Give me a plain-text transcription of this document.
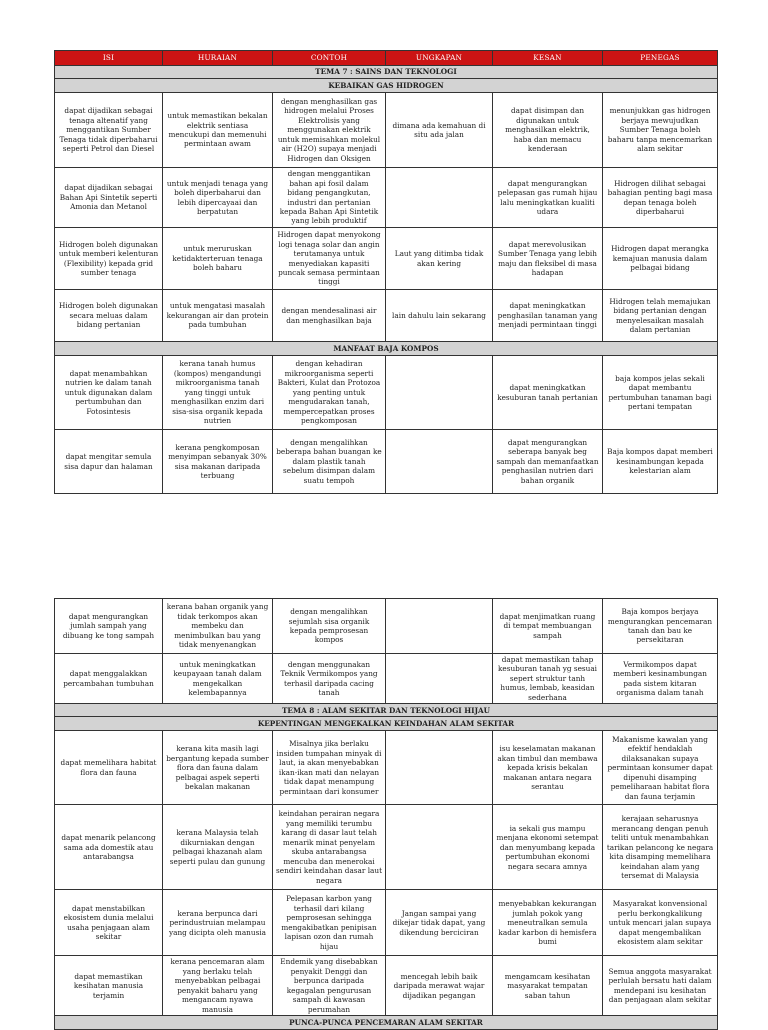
ISI	HURAIAN	CONTOH	UNGKAPAN	KESAN	PENEGAS
TEMA 7 : SAINS DAN TEKNOLOGI					
KEBAIKAN GAS HIDROGEN					
dapat dijadikan sebagai tenaga altenatif yang menggantikan Sumber Tenaga tidak diperbaharui seperti Petrol dan Diesel	untuk memastikan bekalan elektrik sentiasa mencukupi dan memenuhi permintaan awam	dengan menghasilkan gas hidrogen melalui Proses Elektrolisis yang menggunakan elektrik untuk memisahkan molekul air (H2O) supaya menjadi Hidrogen dan Oksigen	dimana ada kemahuan di situ ada jalan	dapat disimpan dan digunakan untuk menghasilkan elektrik, haba dan memacu kenderaan	menunjukkan gas hidrogen berjaya mewujudkan Sumber Tenaga boleh baharu tanpa mencemarkan alam sekitar
dapat dijadikan sebagai Bahan Api Sintetik seperti Amonia dan Metanol	untuk menjadi tenaga yang boleh diperbaharui dan lebih dipercayaai dan berpatutan	dengan menggantikan bahan api fosil dalam bidang pengangkutan, industri dan pertanian kepada Bahan Api Sintetik yang lebih produktif		dapat mengurangkan pelepasan gas rumah hijau lalu meningkatkan kualiti udara	Hidrogen dilihat sebagai bahagian penting bagi masa depan tenaga boleh diperbaharui
Hidrogen boleh digunakan untuk memberi kelenturan (Flexibility) kepada grid sumber tenaga	untuk meruruskan ketidakterteruan tenaga boleh baharu	Hidrogen dapat menyokong logi tenaga solar dan angin terutamanya untuk menyediakan kapasiti puncak semasa permintaan tinggi	Laut yang ditimba tidak akan kering	dapat merevolusikan Sumber Tenaga yang lebih maju dan fleksibel di masa hadapan	Hidrogen dapat merangka kemajuan manusia dalam pelbagai bidang
Hidrogen boleh digunakan secara meluas dalam bidang pertanian	untuk mengatasi masalah kekurangan air dan protein pada tumbuhan	dengan mendesalinasi air dan menghasilkan baja	lain dahulu lain sekarang	dapat meningkatkan penghasilan tanaman yang menjadi permintaan tinggi	Hidrogen telah memajukan bidang pertanian dengan menyelesaikan masalah dalam pertanian
MANFAAT BAJA KOMPOS					
dapat menambahkan nutrien ke dalam tanah untuk digunakan dalam pertumbuhan dan Fotosintesis	kerana tanah humus (kompos) mengandungi mikroorganisma tanah yang tinggi untuk menghasilkan enzim dari sisa-sisa organik kepada nutrien	dengan kehadiran mikroorganisma seperti Bakteri, Kulat dan Protozoa yang penting untuk mengudarakan tanah, mempercepatkan proses pengkomposan		dapat meningkatkan kesuburan tanah pertanian	baja kompos jelas sekali dapat membantu pertumbuhan tanaman bagi pertani tempatan
dapat mengitar semula sisa dapur dan halaman	kerana pengkomposan menyimpan sebanyak 30% sisa makanan daripada terbuang	dengan mengalihkan beberapa bahan buangan ke dalam plastik tanah sebelum disimpan dalam suatu tempoh		dapat mengurangkan seberapa banyak beg sampah dan memanfaatkan penghasilan nutrien dari bahan organik	Baja kompos dapat memberi kesinambungan kepada kelestarian alam
dapat mengurangkan jumlah sampah yang dibuang ke tong sampah	kerana bahan organik yang tidak terkompos akan membeku dan menimbulkan bau yang tidak menyenangkan	dengan mengalihkan sejumlah sisa organik kepada pemprosesan kompos		dapat menjimatkan ruang di tempat membuangan sampah	Baja kompos berjaya mengurangkan pencemaran tanah dan bau ke persekitaran
dapat menggalakkan percambahan tumbuhan	untuk meningkatkan keupayaan tanah dalam mengekalkan kelembapannya	dengan menggunakan Teknik Vermikompos yang terhasil daripada cacing tanah		dapat memastikan tahap kesuburan tanah yg sesuai sepert struktur tanh humus, lembab, keasidan sederhana	Vermikompos dapat memberi kesinambungan pada sistem kitaran organisma dalam tanah
TEMA 8 : ALAM SEKITAR DAN TEKNOLOGI HIJAU					
KEPENTINGAN MENGEKALKAN KEINDAHAN ALAM SEKITAR					
dapat memelihara habitat flora dan fauna	kerana kita masih lagi bergantung kepada sumber flora dan fauna dalam pelbagai aspek seperti bekalan makanan	Misalnya jika berlaku insiden tumpahan minyak di laut, ia akan menyebabkan ikan-ikan mati dan nelayan tidak dapat menampung permintaan dari konsumer		isu keselamatan makanan akan timbul dan membawa kepada krisis bekalan makanan antara negara serantau	Makanisme kawalan yang efektif hendaklah dilaksanakan supaya permintaan konsumer dapat dipenuhi disamping pemeliharaan habitat flora dan fauna terjamin
dapat menarik pelancong sama ada domestik atau antarabangsa	kerana Malaysia telah dikurniakan dengan pelbagai khazanah alam seperti pulau dan gunung	keindahan perairan negara yang memiliki terumbu karang di dasar laut telah menarik minat penyelam skuba antarabangsa mencuba dan menerokai sendiri keindahan dasar laut negara		ia sekali gus mampu menjana ekonomi setempat dan menyumbang kepada pertumbuhan ekonomi negara secara amnya	kerajaan seharusnya merancang dengan penuh teliti untuk menambahkan tarikan pelancong ke negara kita disamping memelihara keindahan alam yang tersemat di Malaysia
dapat menstabilkan ekosistem dunia melalui usaha penjagaan alam sekitar	kerana berpunca dari perindustruian melampau yang dicipta oleh manusia	Pelepasan karbon yang terhasil dari kilang pemprosesan sehingga mengakibatkan penipisan lapisan ozon dan rumah hijau	Jangan sampai yang dikejar tidak dapat, yang dikendung berciciran	menyebabkan kekurangan jumlah pokok yang meneutralkan semula kadar karbon di hemisfera bumi	Masyarakat konvensional perlu berkongkalikung untuk mencari jalan supaya dapat mengembalikan ekosistem alam sekitar
dapat memastikan kesihatan manusia terjamin	kerana pencemaran alam yang berlaku telah menyebabkan pelbagai penyakit baharu yang mengancam nyawa manusia	Endemik yang disebabkan penyakit Denggi dan berpunca daripada kegagalan pengurusan sampah di kawasan perumahan	mencegah lebih baik daripada merawat wajar dijadikan pegangan	mengamcam kesihatan masyarakat tempatan saban tahun	Semua anggota masyarakat perlulah bersatu hati dalam mendepani isu kesihatan dan penjagaan alam sekitar
PUNCA-PUNCA PENCEMARAN ALAM SEKITAR					
